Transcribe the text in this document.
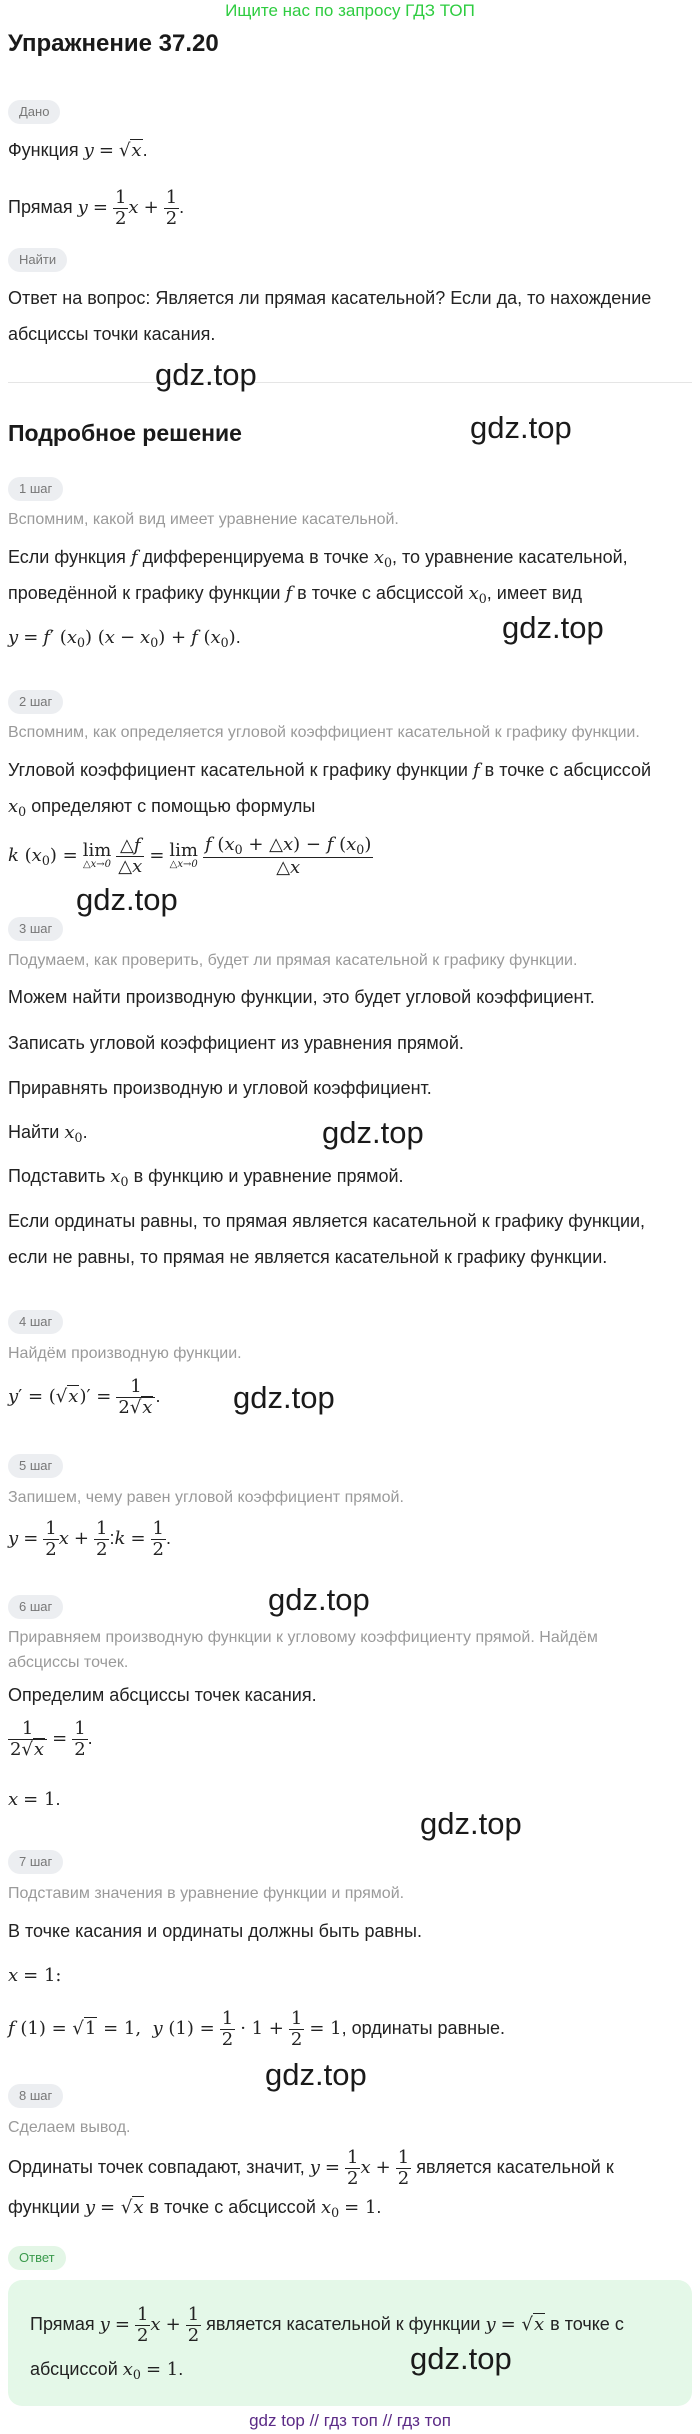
Ищите нас по запросу ГДЗ ТОП
Упражнение 37.20
Дано
Функция y = √x.
Прямая $y = \frac{1}{2}$ $x + \frac{1}{2}$ .
Найти
Ответ на вопрос: Является ли прямая касательной? Если да, то нахождение
абсциссы точки касания.
Подробное решение
1 шаг
Вспомним, какой вид имеет уравнение касательной.
Если функция f дифференцируема в точке $x_0$, то уравнение касательной,
проведённой к графику функции f в точке с абсциссой $x_0$, имеет вид
y = f′ $(x_0) (x - x_0) + f$ $(x_0)$.
2 шаг
Вспомним, как определяется угловой коэффициент касательной к графику функции.
Угловой коэффициент касательной к графику функции f в точке с абсциссой
$x_0$ определяют с помощью формулы
k $(x_0) = \lim$
△x→0
$\frac{\triangle f}{\triangle x} = \lim$
△x→0
$\frac{f (x_0 + \triangle x) - f (x_0)}{\triangle x}$
3 шаг
Подумаем, как проверить, будет ли прямая касательной к графику функции.
Можем найти производную функции, это будет угловой коэффициент.
Записать угловой коэффициент из уравнения прямой.
Приравнять производную и угловой коэффициент.
Найти $x_0$.
Подставить $x_0$ в функцию и уравнение прямой.
Если ординаты равны, то прямая является касательной к графику функции,
если не равны, то прямая не является касательной к графику функции.
4 шаг
Найдём производную функции.
$y' = (√x)' = \frac{1}{2√x}$ .
5 шаг
Запишем, чему равен угловой коэффициент прямой.
$y = \frac{1}{2}$ $x + \frac{1}{2}$ :k = $\frac{1}{2}$ .
6 шаг
Приравняем производную функции к угловому коэффициенту прямой. Найдём
абсциссы точек.
Определим абсциссы точек касания.
$\frac{1}{2√x} = \frac{1}{2}$ .
x = 1.
7 шаг
Подставим значения в уравнение функции и прямой.
В точке касания и ординаты должны быть равны.
x = 1:
f (1) = √1 = 1,  y $(1) = \frac{1}{2} \cdot 1 + \frac{1}{2} = 1$, ординаты равные.
8 шаг
Сделаем вывод.
Ординаты точек совпадают, значит, $y = \frac{1}{2}$ $x + \frac{1}{2}$ является касательной к
функции y = √x в точке с абсциссой $x_0 = 1$.
Ответ
Прямая $y = \frac{1}{2}$ $x + \frac{1}{2}$ является касательной к функции y = √x в точке с
абсциссой $x_0 = 1$.
gdz.top
gdz.top
gdz.top
gdz.top
gdz.top
gdz.top
gdz.top
gdz.top
gdz.top
gdz.top
gdz top // гдз топ // гдз топ
